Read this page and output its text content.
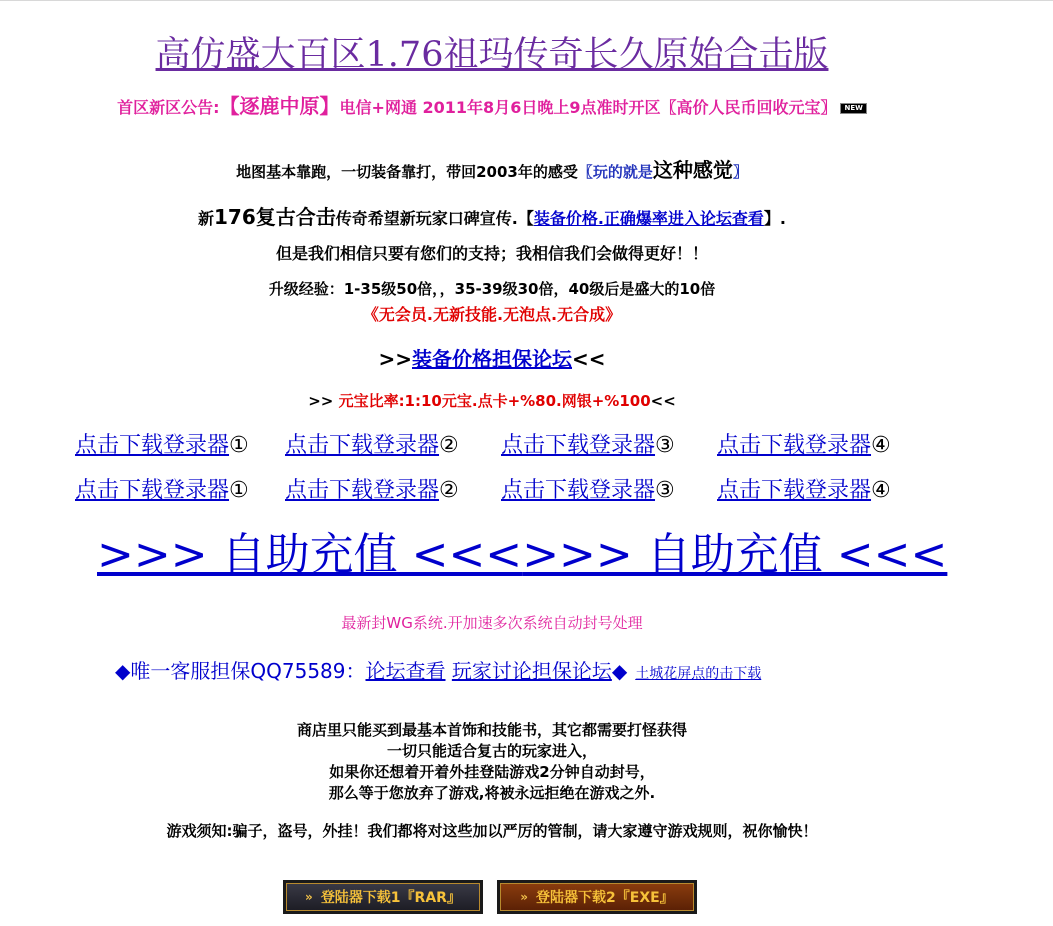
高仿盛大百区1.76祖玛传奇长久原始合击版
首区新区公告:【逐鹿中原】电信+网通 2011年8月6日晚上9点准时开区〖高价人民币回收元宝〗 NEW
地图基本靠跑，一切装备靠打，带回2003年的感受〖玩的就是这种感觉〗
新176复古合击传奇希望新玩家口碑宣传.【装备价格.正确爆率进入论坛查看】.
但是我们相信只要有您们的支持；我相信我们会做得更好！！
升级经验：1-35级50倍，，35-39级30倍，40级后是盛大的10倍
《无会员.无新技能.无泡点.无合成》
>>装备价格担保论坛<<
>> 元宝比率:1:10元宝.点卡+%80.网银+%100<<
点击下载登录器① 点击下载登录器② 点击下载登录器③ 点击下载登录器④
点击下载登录器① 点击下载登录器② 点击下载登录器③ 点击下载登录器④
>>> 自助充值 <<<>>> 自助充值 <<<
最新封WG系统.开加速多次系统自动封号处理
◆唯一客服担保QQ75589：论坛查看 玩家讨论担保论坛◆ 土城花屏点的击下载
商店里只能买到最基本首饰和技能书，其它都需要打怪获得
一切只能适合复古的玩家进入，
如果你还想着开着外挂登陆游戏2分钟自动封号，
那么等于您放弃了游戏,将被永远拒绝在游戏之外.
游戏须知:骗子，盗号，外挂！我们都将对这些加以严厉的管制，请大家遵守游戏规则，祝你愉快！
» 登陆器下载1『RAR』	» 登陆器下载2『EXE』
